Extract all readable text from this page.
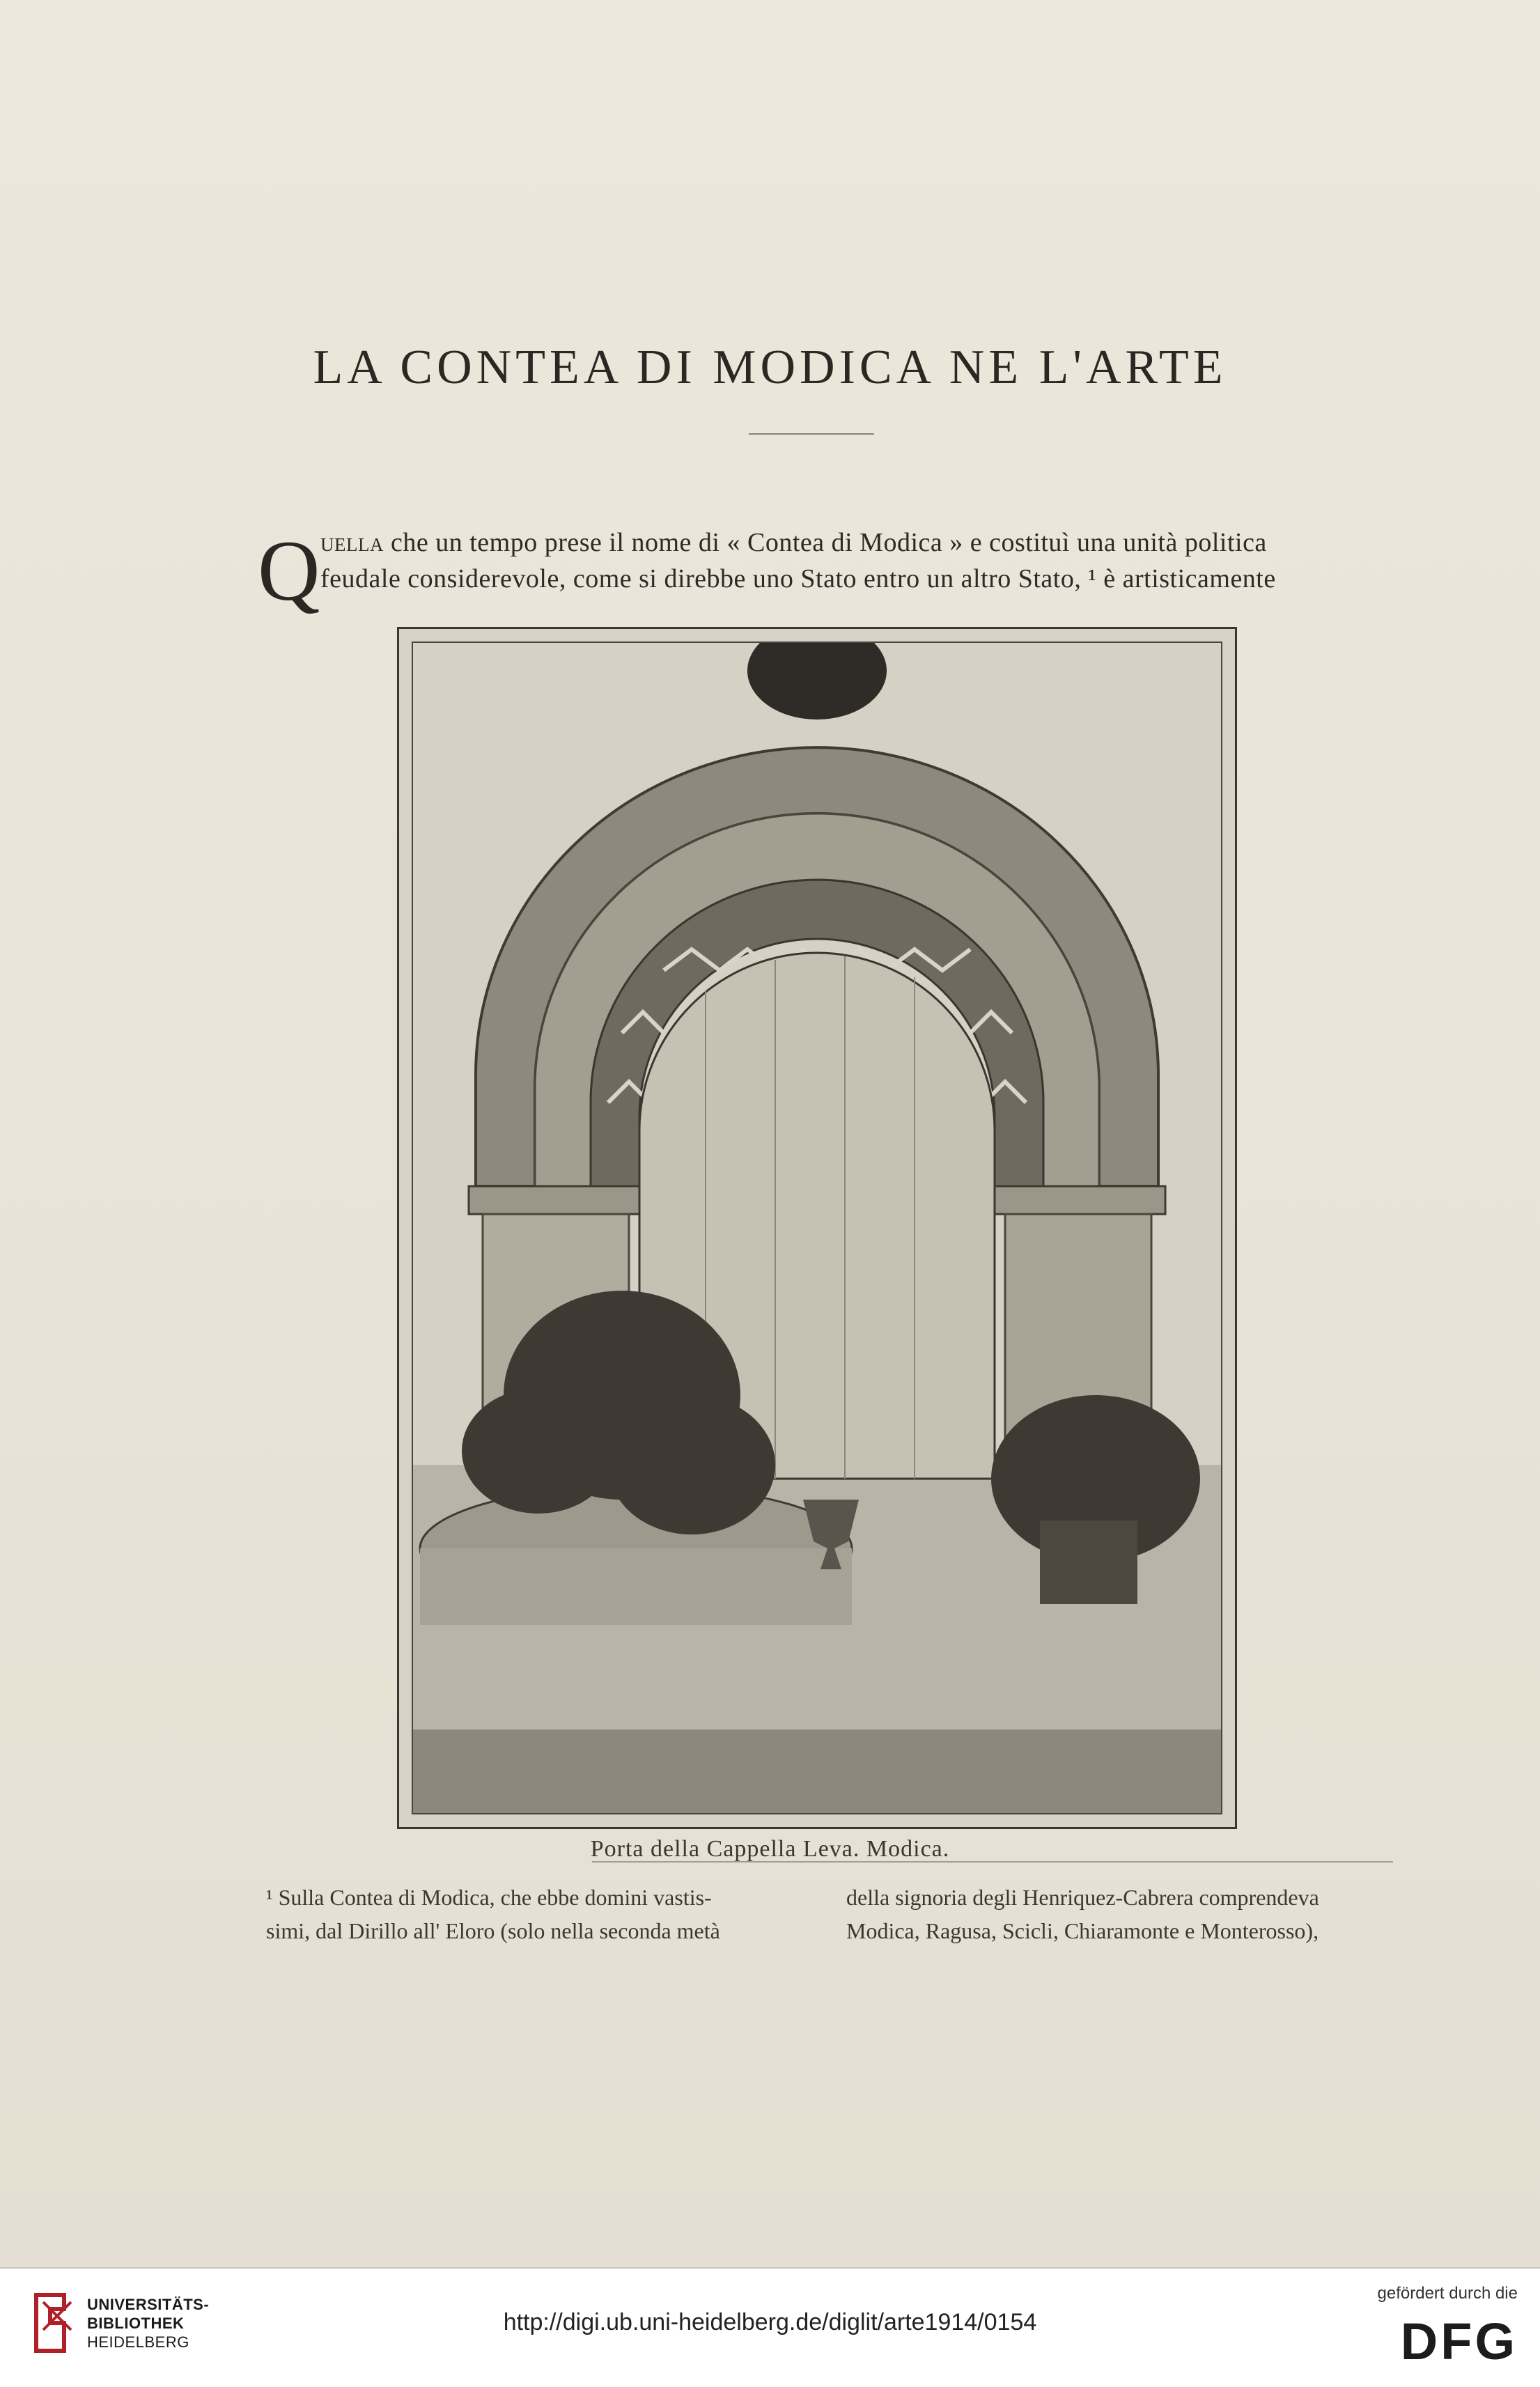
LA CONTEA DI MODICA NE L'ARTE
Q uella che un tempo prese il nome di « Contea di Modica » e costituì una unità politica
feudale considerevole, come si direbbe uno Stato entro un altro Stato, ¹ è artisticamente
Porta della Cappella Leva. Modica.
¹ Sulla Contea di Modica, che ebbe domini vastis-
simi, dal Dirillo all' Eloro (solo nella seconda metà
della signoria degli Henriquez-Cabrera comprendeva
Modica, Ragusa, Scicli, Chiaramonte e Monterosso),
UNIVERSITÄTS-
BIBLIOTHEK
HEIDELBERG
http://digi.ub.uni-heidelberg.de/diglit/arte1914/0154
gefördert durch die
DFG
